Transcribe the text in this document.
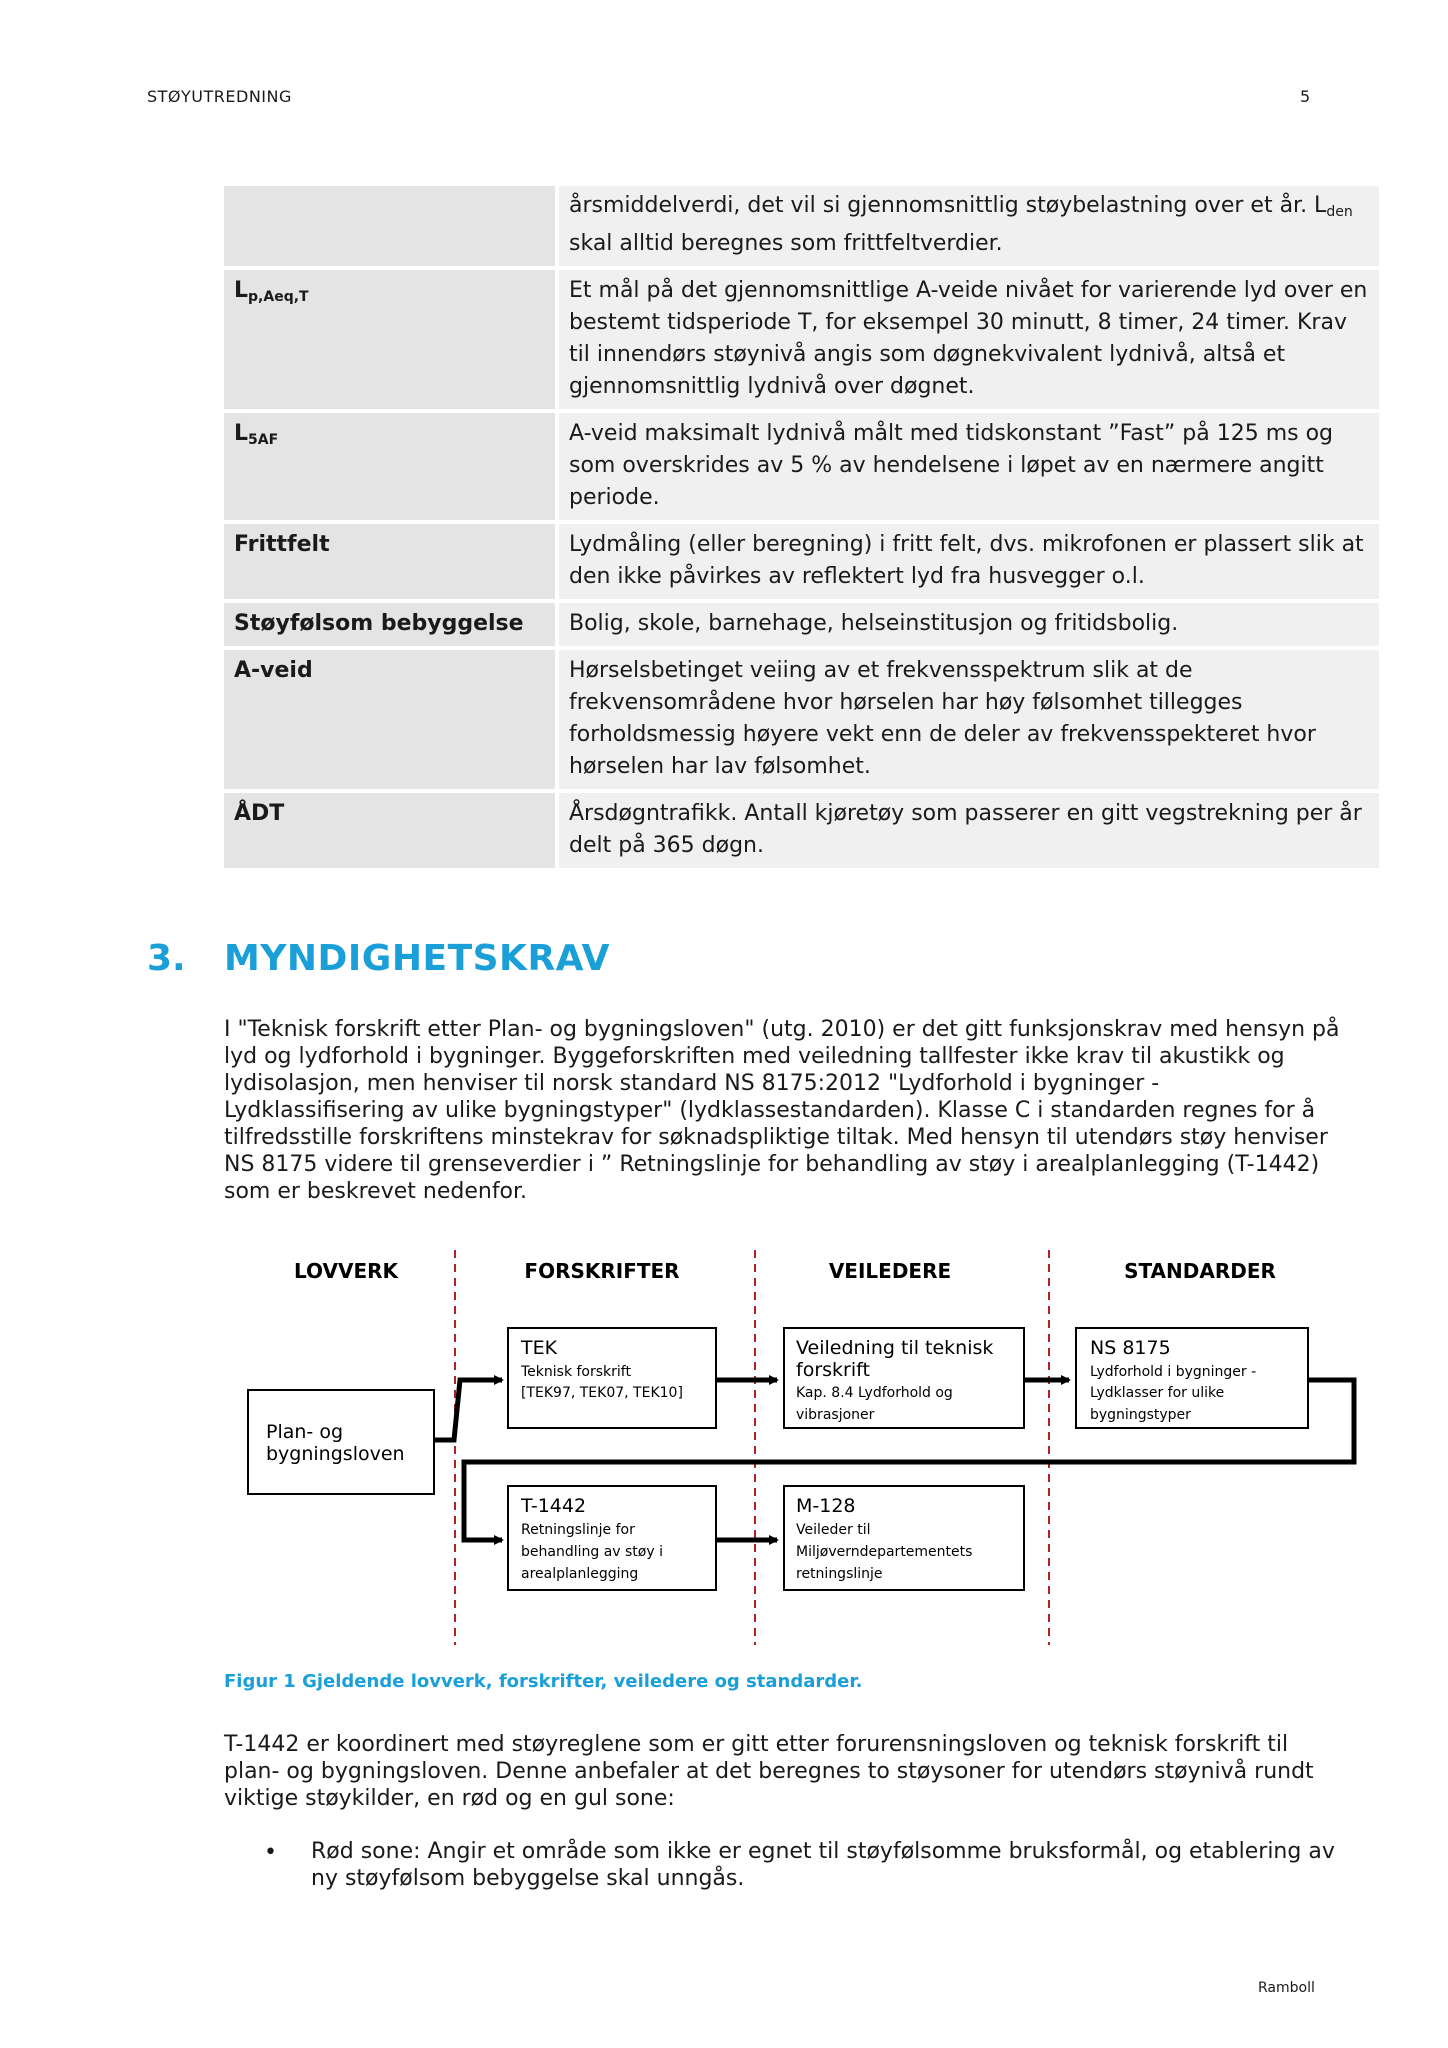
STØYUTREDNING	5
	årsmiddelverdi, det vil si gjennomsnittlig støybelastning over et år. Lden skal alltid beregnes som frittfeltverdier.
$L_{p,Aeq,T}$	Et mål på det gjennomsnittlige A-veide nivået for varierende lyd over en bestemt tidsperiode T, for eksempel 30 minutt, 8 timer, 24 timer. Krav til innendørs støynivå angis som døgnekvivalent lydnivå, altså et gjennomsnittlig lydnivå over døgnet.
$L_{5AF}$	A-veid maksimalt lydnivå målt med tidskonstant ”Fast” på 125 ms og som overskrides av 5 % av hendelsene i løpet av en nærmere angitt periode.
Frittfelt	Lydmåling (eller beregning) i fritt felt, dvs. mikrofonen er plassert slik at den ikke påvirkes av reflektert lyd fra husvegger o.l.
Støyfølsom bebyggelse	Bolig, skole, barnehage, helseinstitusjon og fritidsbolig.
A-veid	Hørselsbetinget veiing av et frekvensspektrum slik at de frekvensområdene hvor hørselen har høy følsomhet tillegges forholdsmessig høyere vekt enn de deler av frekvensspekteret hvor hørselen har lav følsomhet.
ÅDT	Årsdøgntrafikk. Antall kjøretøy som passerer en gitt vegstrekning per år delt på 365 døgn.
3. MYNDIGHETSKRAV
I "Teknisk forskrift etter Plan- og bygningsloven" (utg. 2010) er det gitt funksjonskrav med hensyn på lyd og lydforhold i bygninger. Byggeforskriften med veiledning tallfester ikke krav til akustikk og lydisolasjon, men henviser til norsk standard NS 8175:2012 "Lydforhold i bygninger - Lydklassifisering av ulike bygningstyper" (lydklassestandarden). Klasse C i standarden regnes for å tilfredsstille forskriftens minstekrav for søknadspliktige tiltak. Med hensyn til utendørs støy henviser NS 8175 videre til grenseverdier i ” Retningslinje for behandling av støy i arealplanlegging (T-1442) som er beskrevet nedenfor.
LOVVERK	FORSKRIFTER	VEILEDERE	STANDARDER
Plan- og
bygningsloven
TEK
Teknisk forskrift
[TEK97, TEK07, TEK10]
Veiledning til teknisk
forskrift
Kap. 8.4 Lydforhold og
vibrasjoner
NS 8175
Lydforhold i bygninger -
Lydklasser for ulike
bygningstyper
T-1442
Retningslinje for
behandling av støy i
arealplanlegging
M-128
Veileder til
Miljøverndepartementets
retningslinje
Figur 1 Gjeldende lovverk, forskrifter, veiledere og standarder.
T-1442 er koordinert med støyreglene som er gitt etter forurensningsloven og teknisk forskrift til plan- og bygningsloven. Denne anbefaler at det beregnes to støysoner for utendørs støynivå rundt viktige støykilder, en rød og en gul sone:
• Rød sone: Angir et område som ikke er egnet til støyfølsomme bruksformål, og etablering av ny støyfølsom bebyggelse skal unngås.
Ramboll
